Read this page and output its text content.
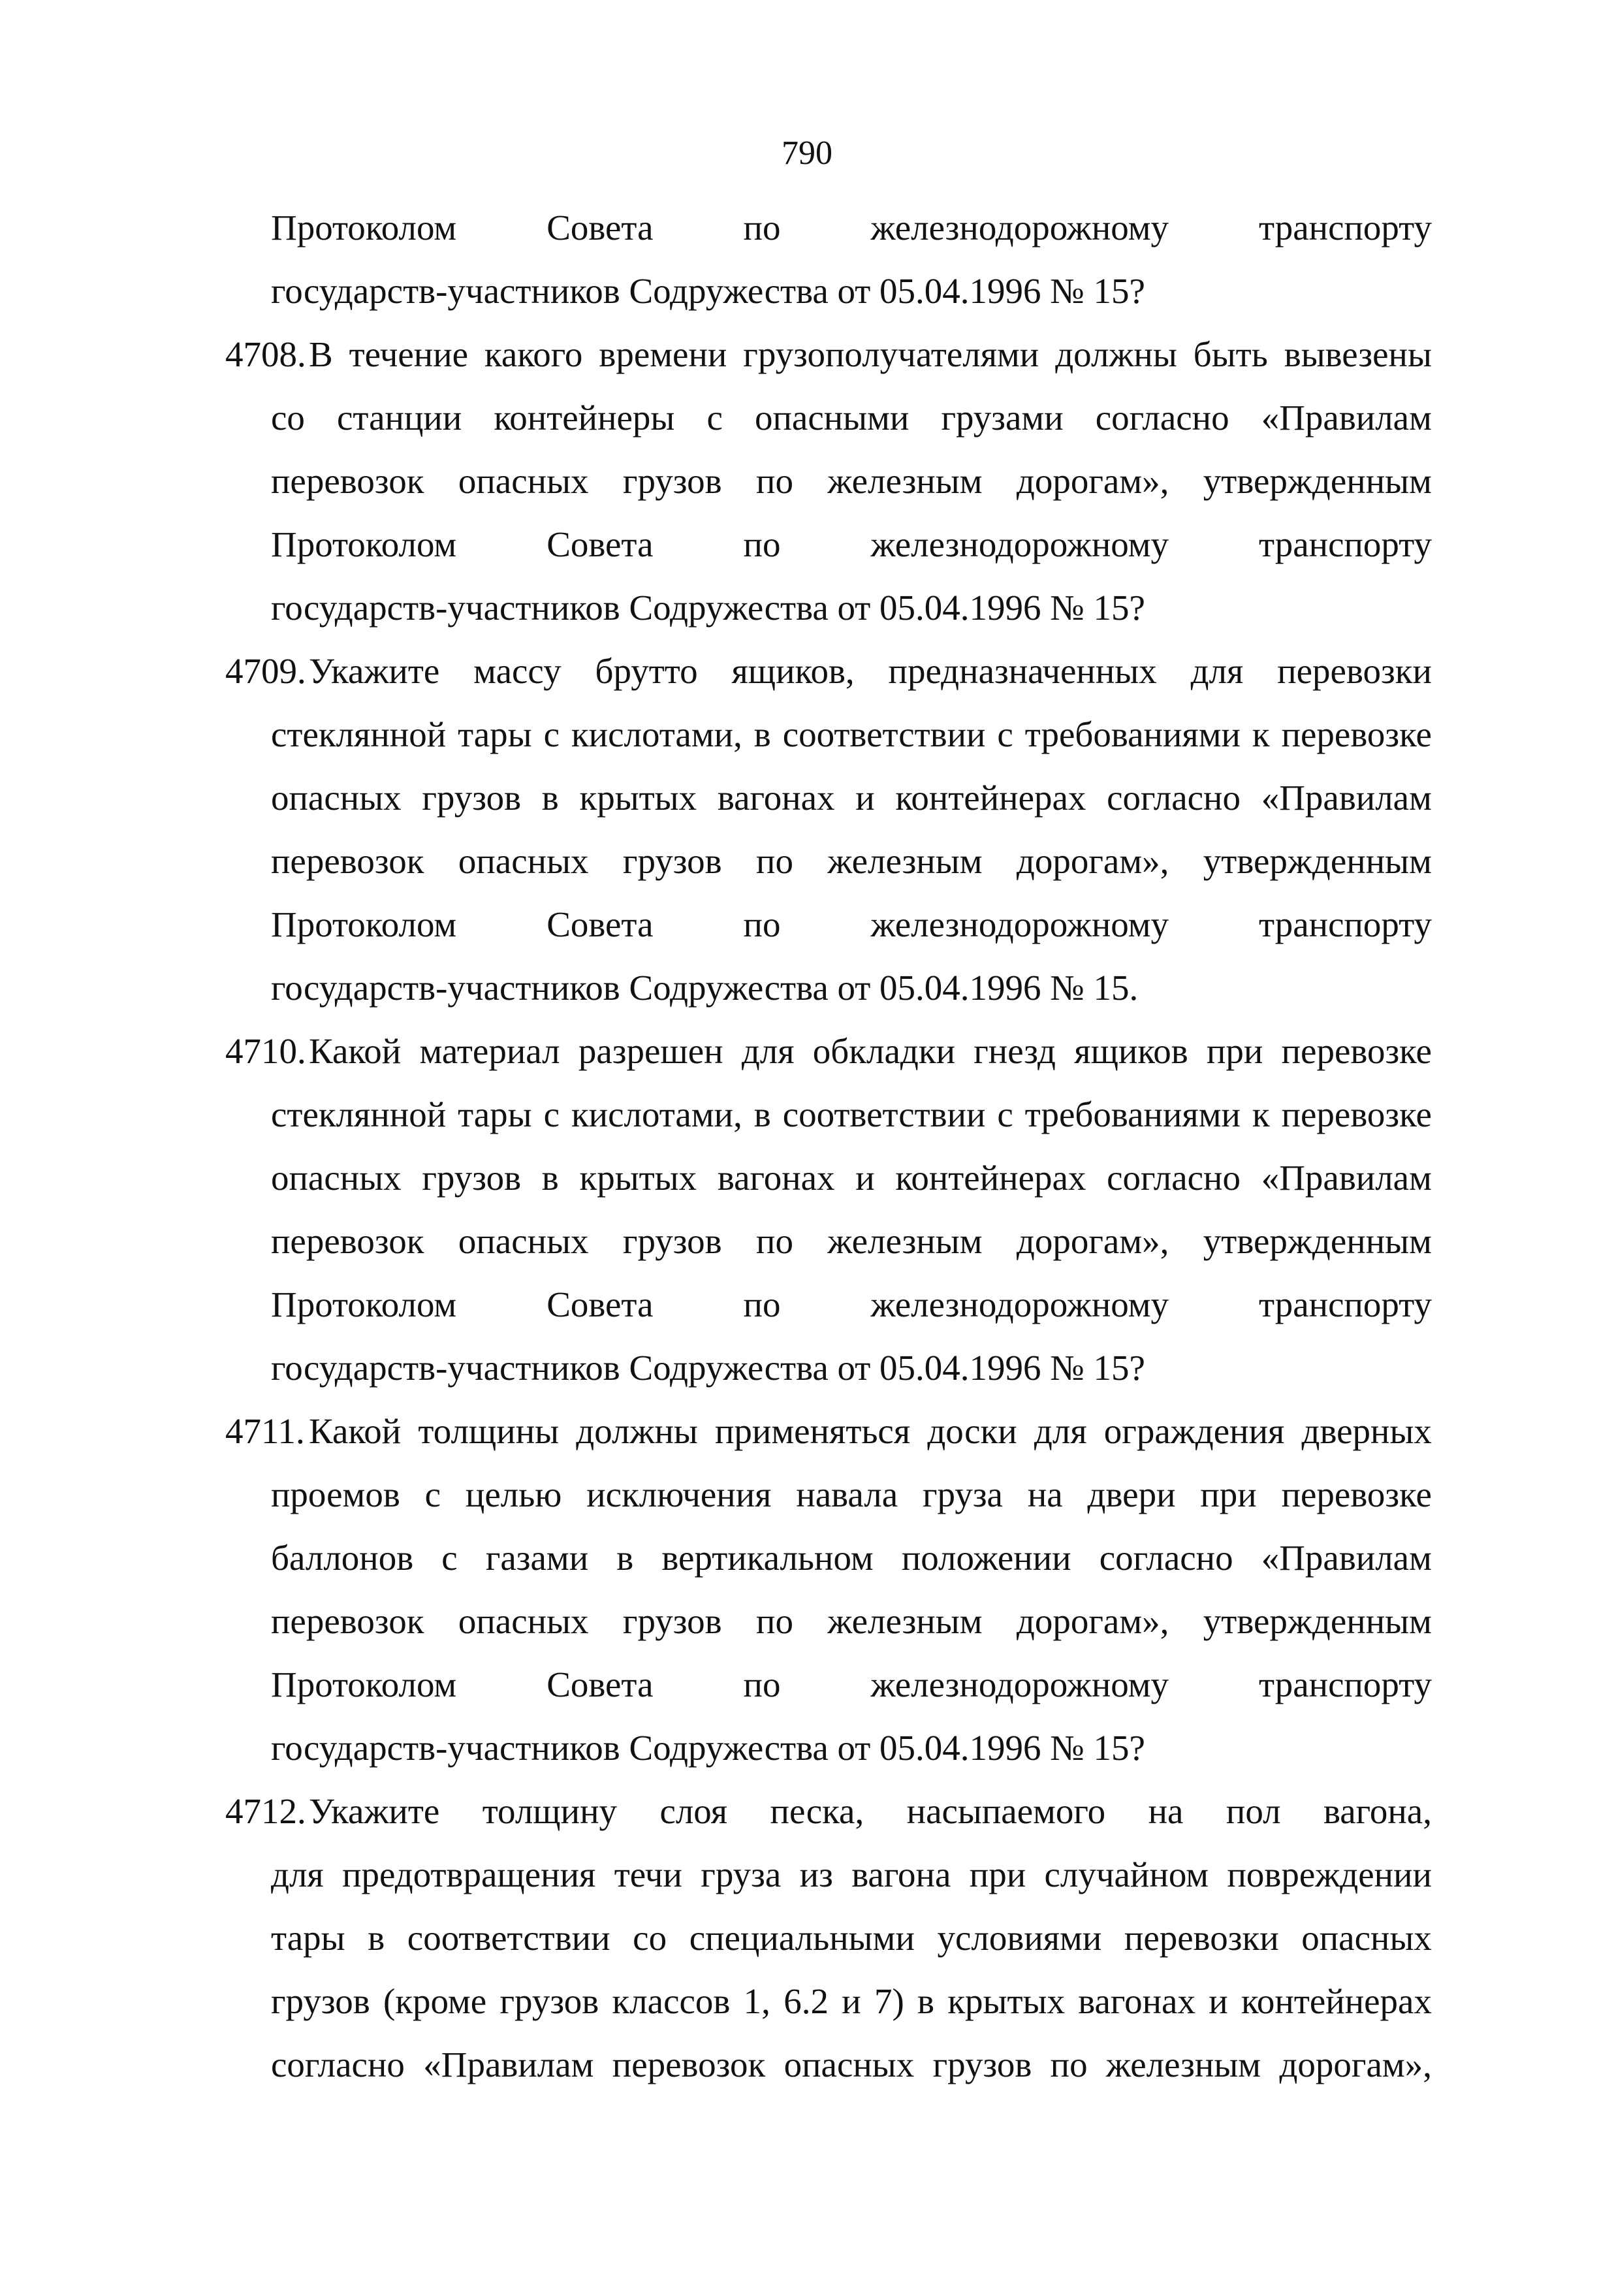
790
Протоколом	Совета	по	железнодорожному	транспорту
государств-участников Содружества от 05.04.1996 № 15?
4708. В течение какого времени грузополучателями должны быть вывезены
со станции контейнеры с опасными грузами согласно «Правилам
перевозок опасных грузов по железным дорогам», утвержденным
Протоколом	Совета	по	железнодорожному	транспорту
государств-участников Содружества от 05.04.1996 № 15?
4709. Укажите массу брутто ящиков, предназначенных для перевозки
стеклянной тары с кислотами, в соответствии с требованиями к перевозке
опасных грузов в крытых вагонах и контейнерах согласно «Правилам
перевозок опасных грузов по железным дорогам», утвержденным
Протоколом	Совета	по	железнодорожному	транспорту
государств-участников Содружества от 05.04.1996 № 15.
4710. Какой материал разрешен для обкладки гнезд ящиков при перевозке
стеклянной тары с кислотами, в соответствии с требованиями к перевозке
опасных грузов в крытых вагонах и контейнерах согласно «Правилам
перевозок опасных грузов по железным дорогам», утвержденным
Протоколом	Совета	по	железнодорожному	транспорту
государств-участников Содружества от 05.04.1996 № 15?
4711. Какой толщины должны применяться доски для ограждения дверных
проемов с целью исключения навала груза на двери при перевозке
баллонов с газами в вертикальном положении согласно «Правилам
перевозок опасных грузов по железным дорогам», утвержденным
Протоколом	Совета	по	железнодорожному	транспорту
государств-участников Содружества от 05.04.1996 № 15?
4712. Укажите толщину слоя песка, насыпаемого на пол вагона,
для предотвращения течи груза из вагона при случайном повреждении
тары в соответствии со специальными условиями перевозки опасных
грузов (кроме грузов классов 1, 6.2 и 7) в крытых вагонах и контейнерах
согласно «Правилам перевозок опасных грузов по железным дорогам»,
